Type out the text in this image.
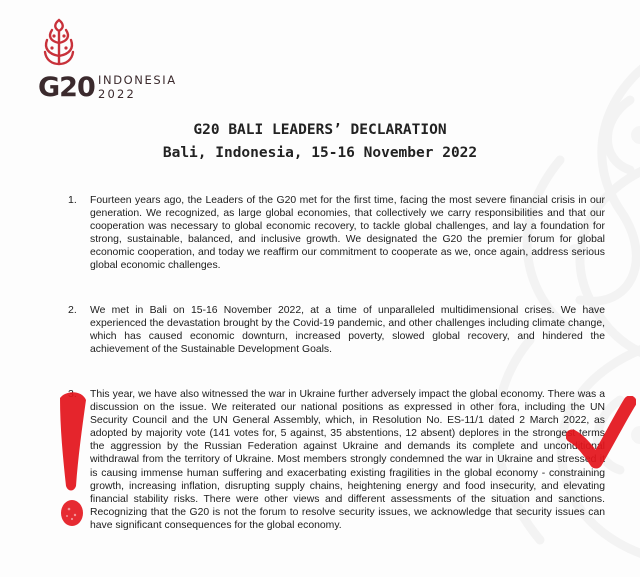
G20 INDONESIA
2022
G20 BALI LEADERS’ DECLARATION
Bali, Indonesia, 15-16 November 2022
1. Fourteen years ago, the Leaders of the G20 met for the first time, facing the most severe financial crisis in our generation. We recognized, as large global economies, that collectively we carry responsibilities and that our cooperation was necessary to global economic recovery, to tackle global challenges, and lay a foundation for strong, sustainable, balanced, and inclusive growth. We designated the G20 the premier forum for global economic cooperation, and today we reaffirm our commitment to cooperate as we, once again, address serious global economic challenges.
2. We met in Bali on 15-16 November 2022, at a time of unparalleled multidimensional crises. We have experienced the devastation brought by the Covid-19 pandemic, and other challenges including climate change, which has caused economic downturn, increased poverty, slowed global recovery, and hindered the achievement of the Sustainable Development Goals.
This year, we have also witnessed the war in Ukraine further adversely impact the global economy. There was a discussion on the issue. We reiterated our national positions as expressed in other fora, including the UN Security Council and the UN General Assembly, which, in Resolution No. ES-11/1 dated 2 March 2022, as adopted by majority vote (141 votes for, 5 against, 35 abstentions, 12 absent) deplores in the strongest terms the aggression by the Russian Federation against Ukraine and demands its complete and unconditional withdrawal from the territory of Ukraine. Most members strongly condemned the war in Ukraine and stressed it is causing immense human suffering and exacerbating existing fragilities in the global economy - constraining growth, increasing inflation, disrupting supply chains, heightening energy and food insecurity, and elevating financial stability risks. There were other views and different assessments of the situation and sanctions. Recognizing that the G20 is not the forum to resolve security issues, we acknowledge that security issues can have significant consequences for the global economy.
